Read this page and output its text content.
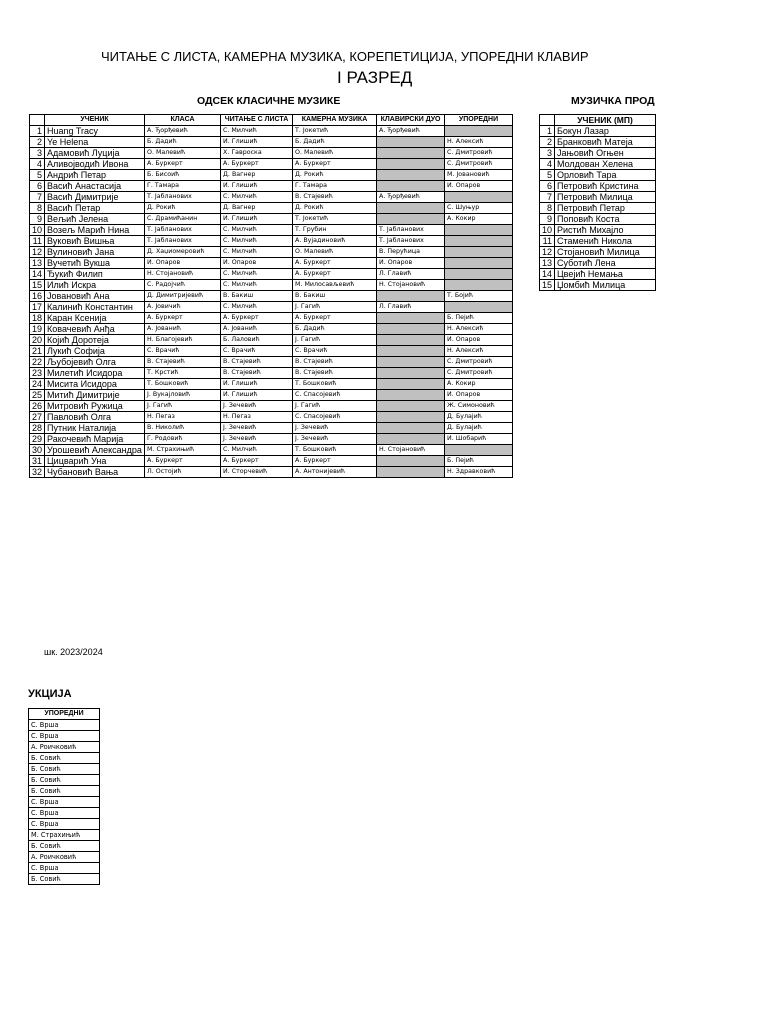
ЧИТАЊЕ С ЛИСТА, КАМЕРНА МУЗИКА, КОРЕПЕТИЦИЈА, УПОРЕДНИ КЛАВИР
I РАЗРЕД
ОДСЕК КЛАСИЧНЕ МУЗИКЕ	МУЗИЧКА ПРОД
	УЧЕНИК	КЛАСА	ЧИТАЊЕ С ЛИСТА	КАМЕРНА МУЗИКА	КЛАВИРСКИ ДУО	УПОРЕДНИ
1	Huang Tracy	А. Ђорђевић	С. Милчић	Т. Јокетић	А. Ђорђевић	
2	Ye Helena	Б. Дадић	И. Глишић	Б. Дадић		Н. Алексић
3	Адамовић Луција	О. Малевић	Х. Гавроска	О. Малевић		С. Дмитровић
4	Аливојводић Ивона	А. Буркерт	А. Буркерт	А. Буркерт		С. Дмитровић
5	Андрић Петар	Б. Бисоић	Д. Вагнер	Д. Рокић		М. Јовановић
6	Васић Анастасија	Г. Тамара	И. Глишић	Г. Тамара		И. Опаров
7	Васић Димитрије	Т. Јабланових	С. Милчић	В. Стајевић	А. Ђорђевић	
8	Васић Петар	Д. Рокић	Д. Вагнер	Д. Рокић		С. Шуњур
9	Вељић Јелена	С. Драмићанин	И. Глишић	Т. Јокетић		А. Кокир
10	Возељ Марић Нина	Т. Јабланових	С. Милчић	Т. Грубин	Т. Јабланових	
11	Вуковић Вишња	Т. Јабланових	С. Милчић	А. Вујадиновић	Т. Јабланових	
12	Вулиновић Јана	Д. Хаџиомеровић	С. Милчић	О. Малевић	В. Перућица	
13	Вучетић Вукша	И. Опаров	И. Опаров	А. Буркерт	И. Опаров	
14	Ђукић Филип	Н. Стојановић	С. Милчић	А. Буркерт	Л. Главић	
15	Илић Искра	С. Радојчић	С. Милчић	М. Милосављевић	Н. Стојановић	
16	Јовановић Ана	Д. Димитријевић	В. Бакиш	В. Бакиш		Т. Бојић
17	Калинић Константин	А. Јовичић	С. Милчић	Ј. Гагић	Л. Главић	
18	Каран Ксенија	А. Буркерт	А. Буркерт	А. Буркерт		Б. Пејић
19	Ковачевић Анђа	А. Јованић	А. Јованић	Б. Дадић		Н. Алексић
20	Којић Доротеја	Н. Благојевић	Б. Лаловић	Ј. Гагић		И. Опаров
21	Лукић Софија	С. Врачић	С. Врачић	С. Врачић		Н. Алексић
22	Љубојевић Олга	В. Стајевић	В. Стајевић	В. Стајевић		С. Дмитровић
23	Милетић Исидора	Т. Крстић	В. Стајевић	В. Стајевић		С. Дмитровић
24	Мисита Исидора	Т. Бошковић	И. Глишић	Т. Бошковић		А. Кокир
25	Митић Димитрије	Ј. Вукајловић	И. Глишић	С. Спасојевић		И. Опаров
26	Митровић Ружица	Ј. Гагић	Ј. Зечевић	Ј. Гагић		Ж. Симоновић
27	Павловић Олга	Н. Пегаз	Н. Пегаз	С. Спасојевић		Д. Булајић
28	Путник Наталија	В. Николић	Ј. Зечевић	Ј. Зечевић		Д. Булајић
29	Ракочевић Марија	Г. Родовић	Ј. Зечевић	Ј. Зечевић		И. Шобарић
30	Урошевић Александра	М. Страхињић	С. Милчић	Т. Бошковић	Н. Стојановић	
31	Цицварић Уна	А. Буркерт	А. Буркерт	А. Буркерт		Б. Пејић
32	Чубановић Вања	Л. Остојић	И. Сторчевић	А. Антонијевић		Н. Здравковић
	УЧЕНИК (МП)
1	Бокун Лазар
2	Бранковић Матеја
3	Јањовић Огњен
4	Молдован Хелена
5	Орловић Тара
6	Петровић Кристина
7	Петровић Милица
8	Петровић Петар
9	Поповић Коста
10	Ристић Михајло
11	Стаменић Никола
12	Стојановић Милица
13	Суботић Лена
14	Цвејић Немања
15	Џомбић Милица
шк. 2023/2024
УКЦИЈА
УПОРЕДНИ
С. Врша
С. Врша
А. Роичковић
Б. Совић
Б. Совић
Б. Совић
Б. Совић
С. Врша
С. Врша
С. Врша
М. Страхињић
Б. Совић
А. Роичковић
С. Врша
Б. Совић
